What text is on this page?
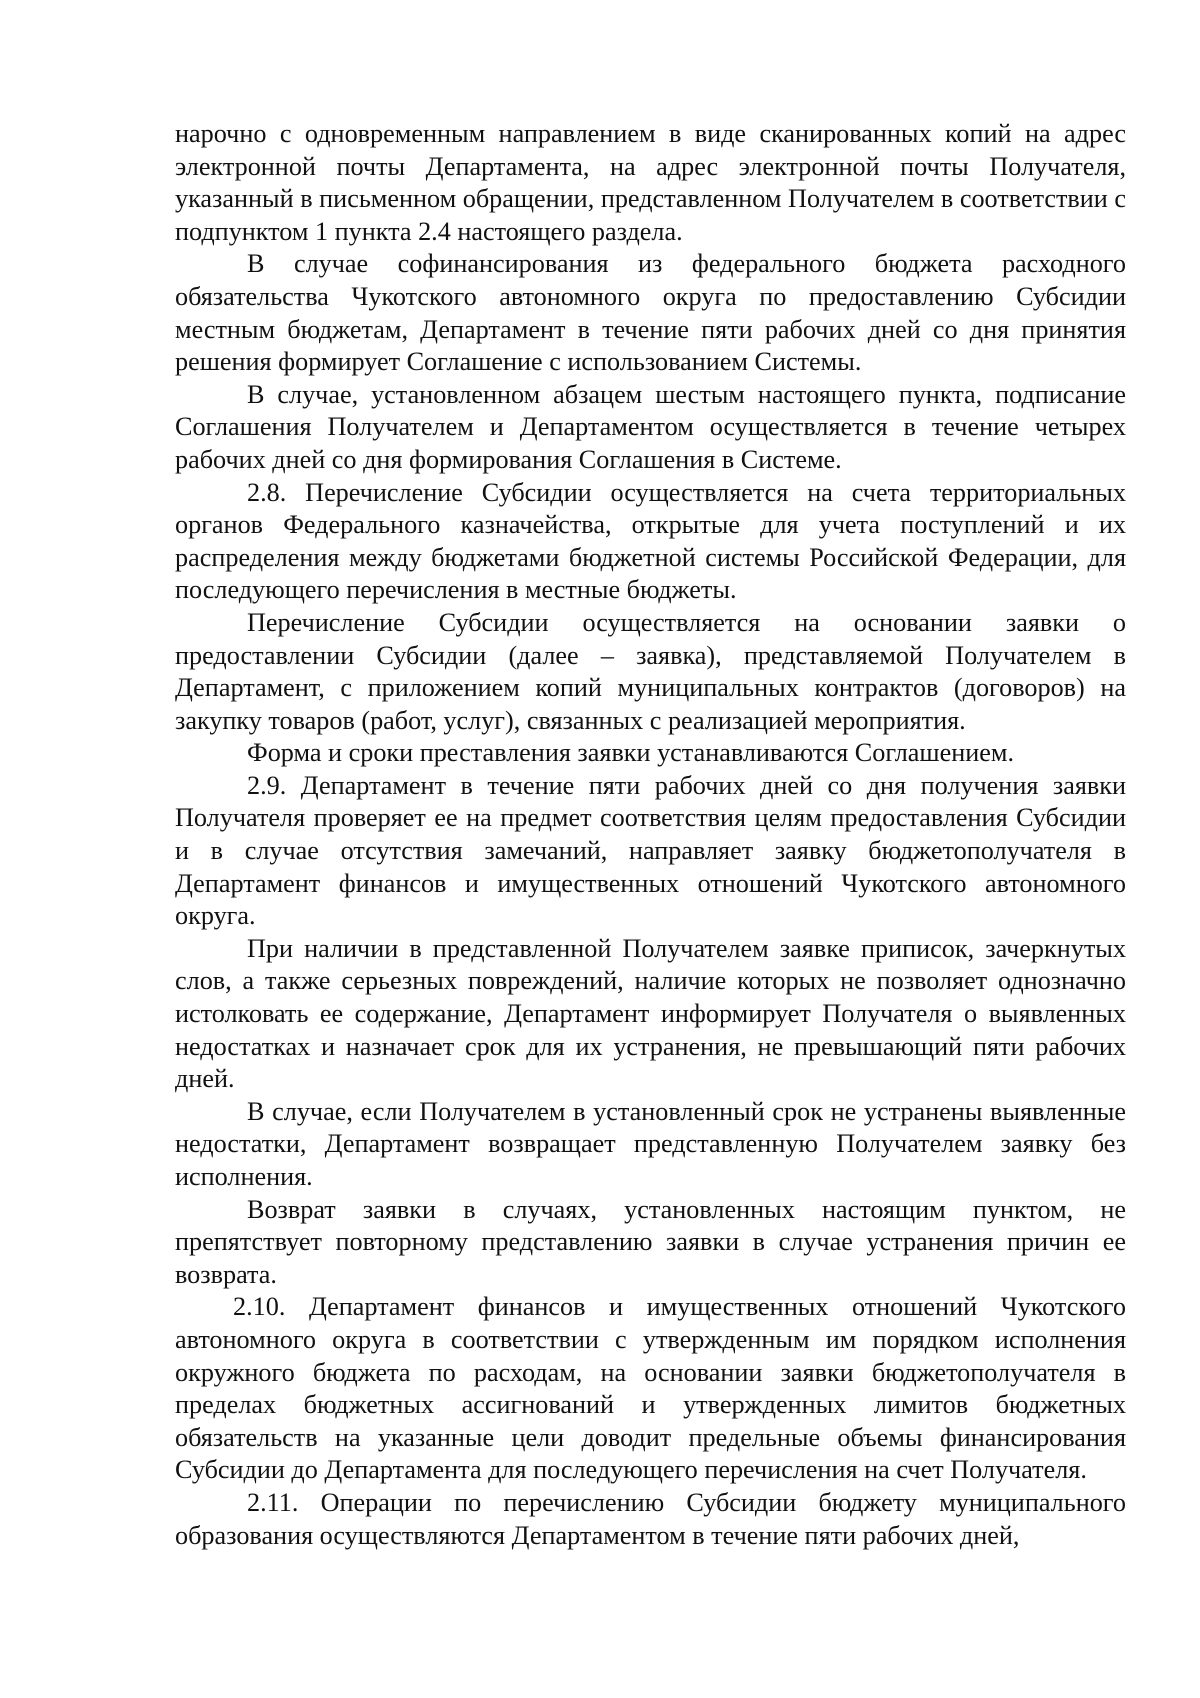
нарочно с одновременным направлением в виде сканированных копий на адрес электронной почты Департамента, на адрес электронной почты Получателя, указанный в письменном обращении, представленном Получателем в соответствии с подпунктом 1 пункта 2.4 настоящего раздела.

В случае софинансирования из федерального бюджета расходного обязательства Чукотского автономного округа по предоставлению Субсидии местным бюджетам, Департамент в течение пяти рабочих дней со дня принятия решения формирует Соглашение с использованием Системы.

В случае, установленном абзацем шестым настоящего пункта, подписание Соглашения Получателем и Департаментом осуществляется в течение четырех рабочих дней со дня формирования Соглашения в Системе.

2.8. Перечисление Субсидии осуществляется на счета территориальных органов Федерального казначейства, открытые для учета поступлений и их распределения между бюджетами бюджетной системы Российской Федерации, для последующего перечисления в местные бюджеты.

Перечисление Субсидии осуществляется на основании заявки о предоставлении Субсидии (далее – заявка), представляемой Получателем в Департамент, с приложением копий муниципальных контрактов (договоров) на закупку товаров (работ, услуг), связанных с реализацией мероприятия.

Форма и сроки преставления заявки устанавливаются Соглашением.

2.9. Департамент в течение пяти рабочих дней со дня получения заявки Получателя проверяет ее на предмет соответствия целям предоставления Субсидии и в случае отсутствия замечаний, направляет заявку бюджетополучателя в Департамент финансов и имущественных отношений Чукотского автономного округа.

При наличии в представленной Получателем заявке приписок, зачеркнутых слов, а также серьезных повреждений, наличие которых не позволяет однозначно истолковать ее содержание, Департамент информирует Получателя о выявленных недостатках и назначает срок для их устранения, не превышающий пяти рабочих дней.

В случае, если Получателем в установленный срок не устранены выявленные недостатки, Департамент возвращает представленную Получателем заявку без исполнения.

Возврат заявки в случаях, установленных настоящим пунктом, не препятствует повторному представлению заявки в случае устранения причин ее возврата.

2.10. Департамент финансов и имущественных отношений Чукотского автономного округа в соответствии с утвержденным им порядком исполнения окружного бюджета по расходам, на основании заявки бюджетополучателя в пределах бюджетных ассигнований и утвержденных лимитов бюджетных обязательств на указанные цели доводит предельные объемы финансирования Субсидии до Департамента для последующего перечисления на счет Получателя.

2.11. Операции по перечислению Субсидии бюджету муниципального образования осуществляются Департаментом в течение пяти рабочих дней,
